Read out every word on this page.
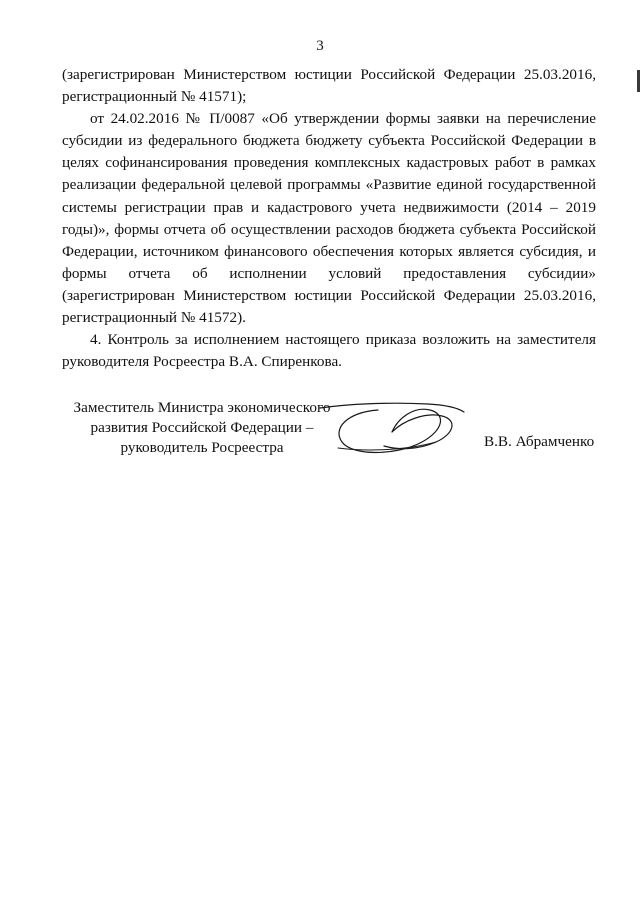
3

(зарегистрирован Министерством юстиции Российской Федерации 25.03.2016, регистрационный № 41571);

от 24.02.2016 № П/0087 «Об утверждении формы заявки на перечисление субсидии из федерального бюджета бюджету субъекта Российской Федерации в целях софинансирования проведения комплексных кадастровых работ в рамках реализации федеральной целевой программы «Развитие единой государственной системы регистрации прав и кадастрового учета недвижимости (2014 – 2019 годы)», формы отчета об осуществлении расходов бюджета субъекта Российской Федерации, источником финансового обеспечения которых является субсидия, и формы отчета об исполнении условий предоставления субсидии» (зарегистрирован Министерством юстиции Российской Федерации 25.03.2016, регистрационный № 41572).

4. Контроль за исполнением настоящего приказа возложить на заместителя руководителя Росреестра В.А. Спиренкова.

Заместитель Министра экономического
развития Российской Федерации –
руководитель Росреестра	В.В. Абрамченко
